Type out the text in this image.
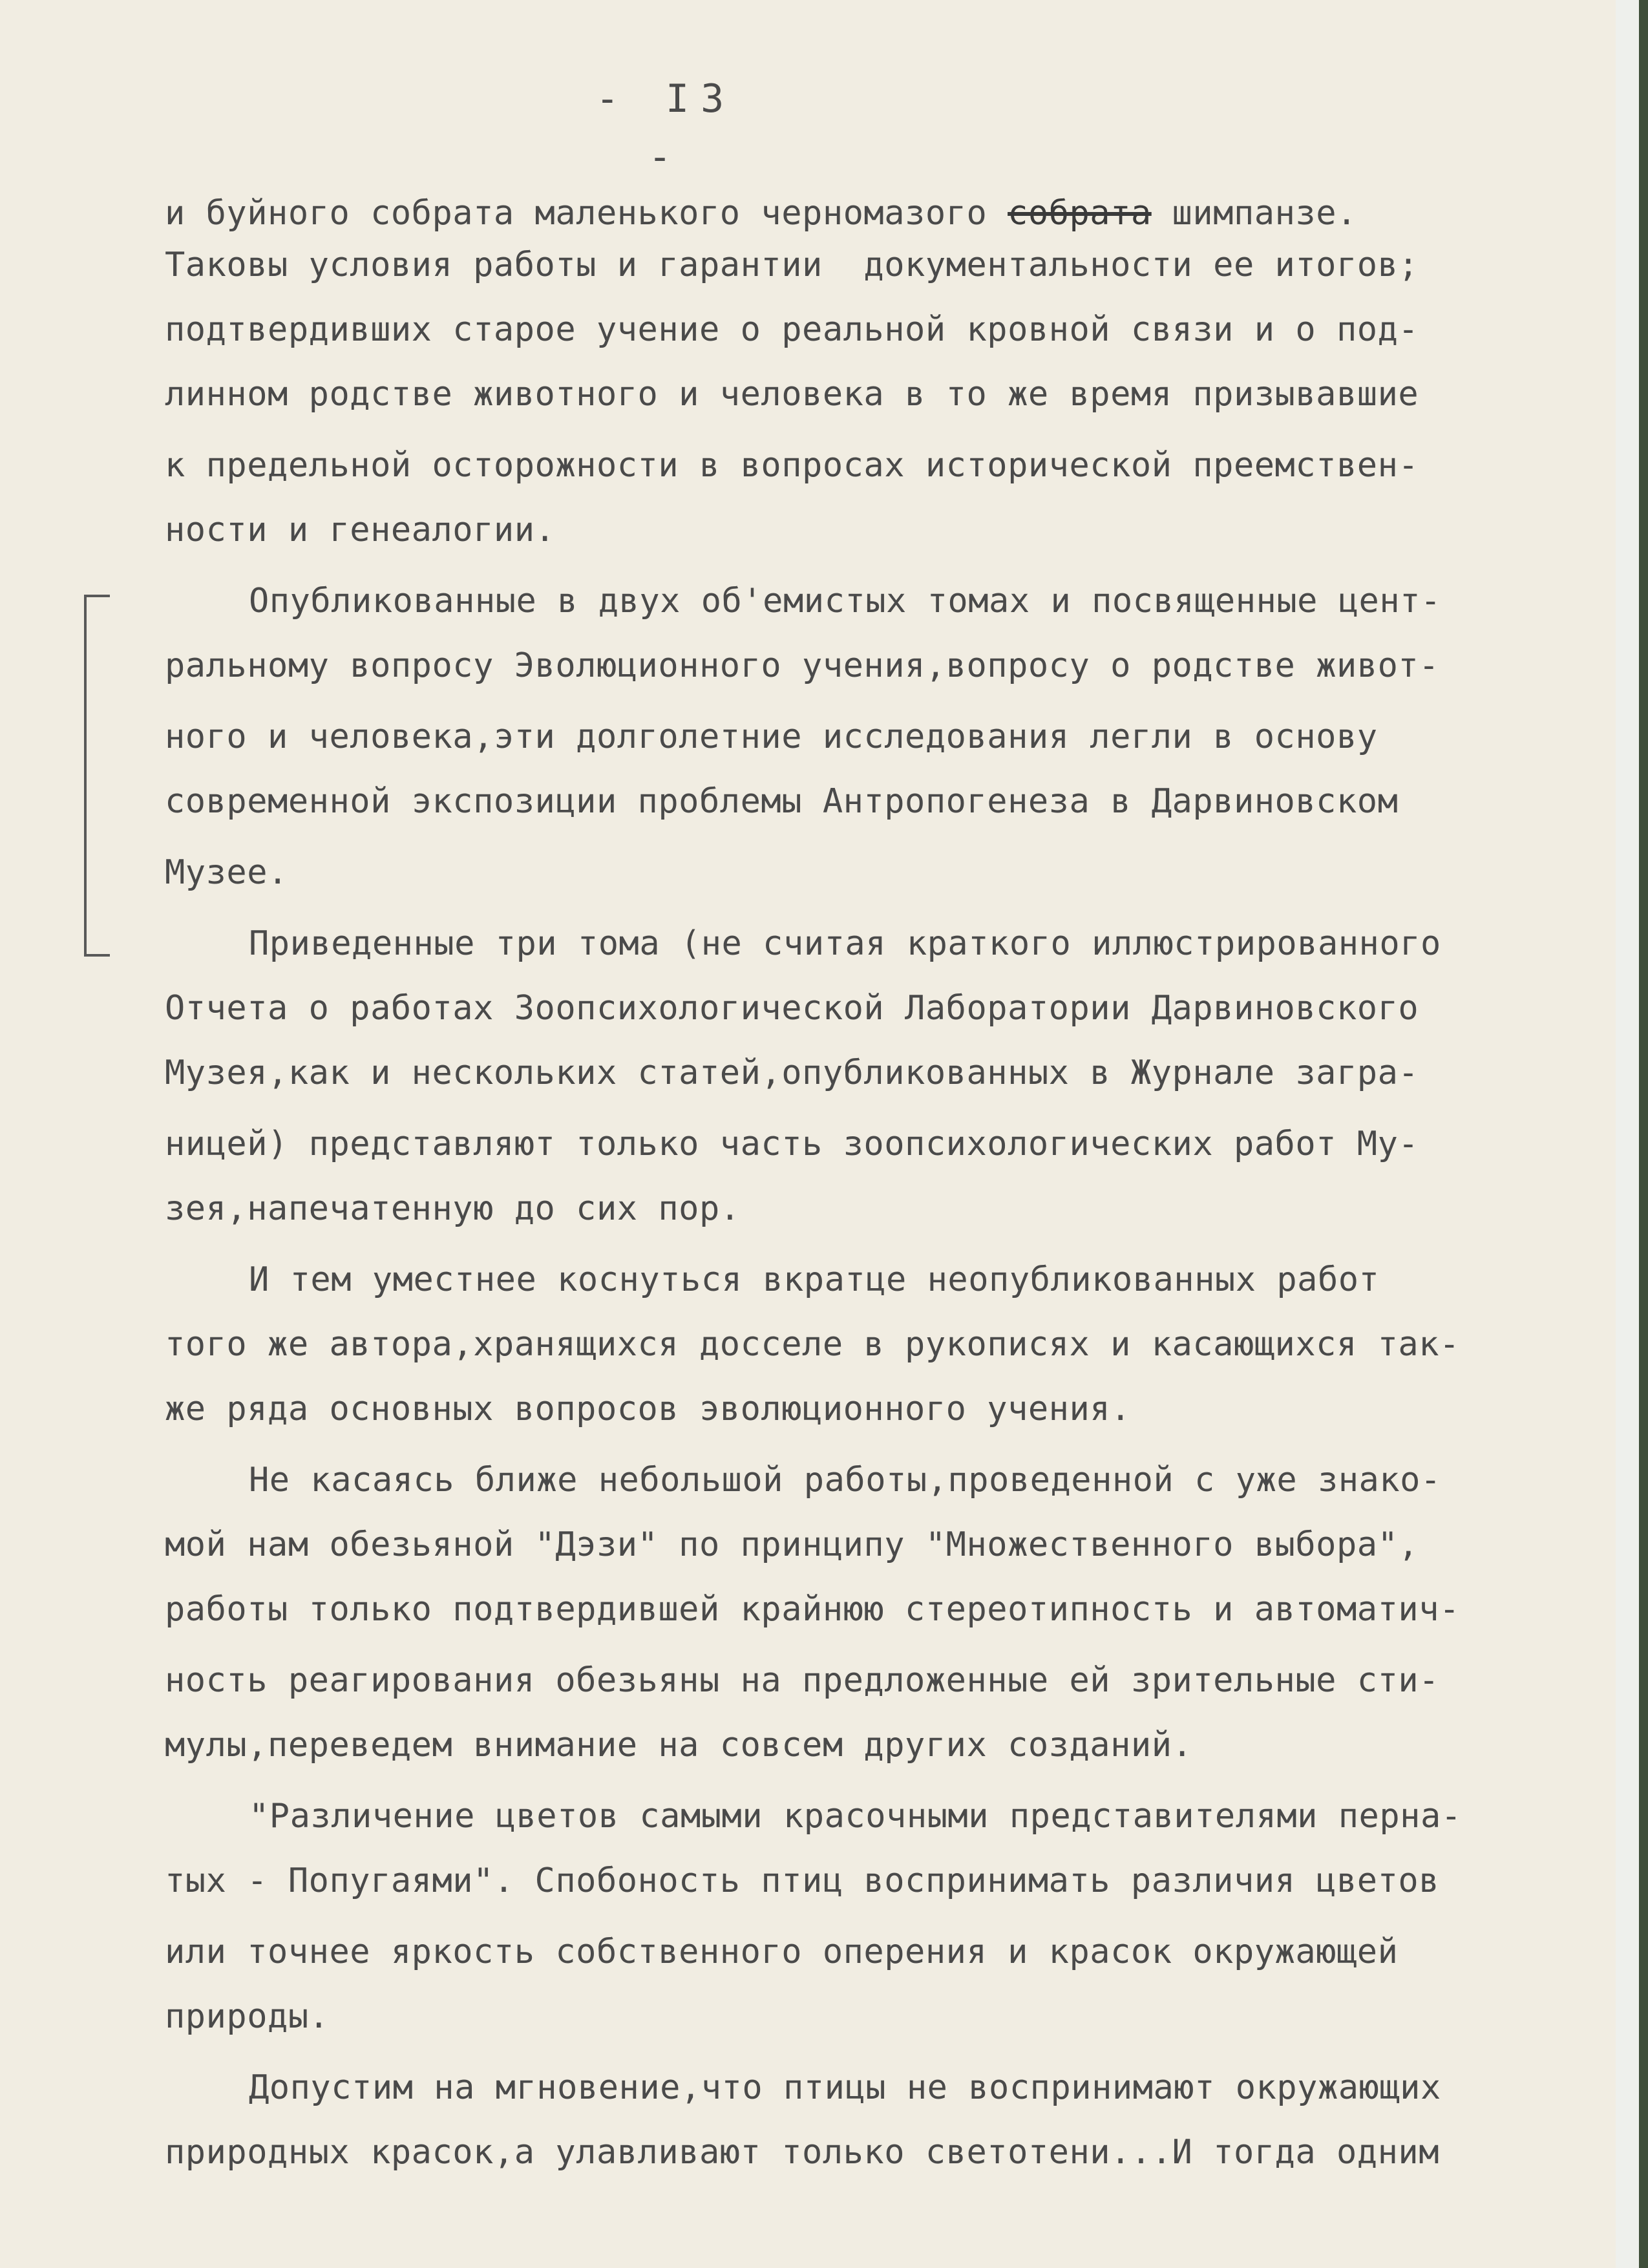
- I3 -
и буйного собрата маленького черномазого собрата шимпанзе.
Таковы условия работы и гарантии  документальности ее итогов;
подтвердивших старое учение о реальной кровной связи и о под-
линном родстве животного и человека в то же время призывавшие
к предельной осторожности в вопросах исторической преемствен-
ности и генеалогии.
Опубликованные в двух об'емистых томах и посвященные цент-
ральному вопросу Эволюционного учения,вопросу о родстве живот-
ного и человека,эти долголетние исследования легли в основу
современной экспозиции проблемы Антропогенеза в Дарвиновском
Музее.
Приведенные три тома (не считая краткого иллюстрированного
Отчета о работах Зоопсихологической Лаборатории Дарвиновского
Музея,как и нескольких статей,опубликованных в Журнале загра-
ницей) представляют только часть зоопсихологических работ Му-
зея,напечатенную до сих пор.
И тем уместнее коснуться вкратце неопубликованных работ
того же автора,хранящихся досселе в рукописях и касающихся так-
же ряда основных вопросов эволюционного учения.
Не касаясь ближе небольшой работы,проведенной с уже знако-
мой нам обезьяной "Дэзи" по принципу "Множественного выбора",
работы только подтвердившей крайнюю стереотипность и автоматич-
ность реагирования обезьяны на предложенные ей зрительные сти-
мулы,переведем внимание на совсем других созданий.
"Различение цветов самыми красочными представителями перна-
тых - Попугаями". Спобоность птиц воспринимать различия цветов
или точнее яркость собственного оперения и красок окружающей
природы.
Допустим на мгновение,что птицы не воспринимают окружающих
природных красок,а улавливают только светотени...И тогда одним
